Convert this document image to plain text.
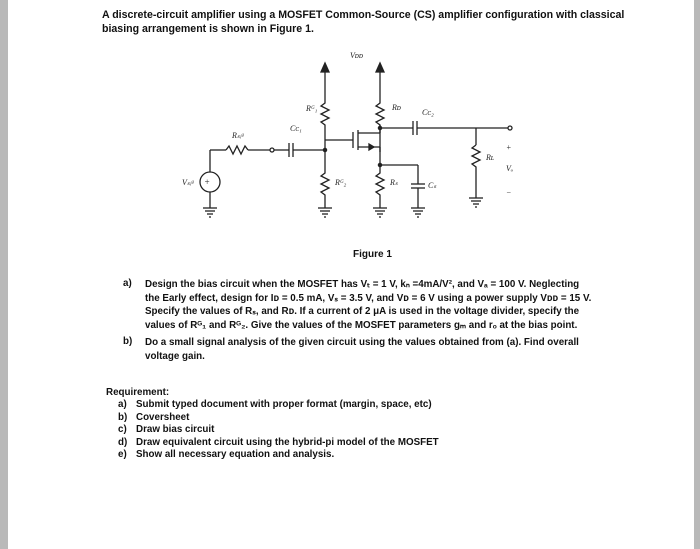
A discrete-circuit amplifier using a MOSFET Common-Source (CS) amplifier configuration with classical
biasing arrangement is shown in Figure 1.
Vᴅᴅ
Rᴳ₁	Rᴅ
Cᴄ₂
Rₛᵢᵍ
Cᴄ₁
Rʟ
Vₒ
Vₛᵢᵍ	Rᴳ₂	Rₛ	Cₛ
+
+
−
Figure 1
a) Design the bias circuit when the MOSFET has Vₜ = 1 V, kₙ =4mA/V², and Vₐ = 100 V. Neglecting
the Early effect, design for Iᴅ = 0.5 mA, Vₛ = 3.5 V, and Vᴅ = 6 V using a power supply Vᴅᴅ = 15 V.
Specify the values of Rₛ, and Rᴅ. If a current of 2 μA is used in the voltage divider, specify the
values of Rᴳ₁ and Rᴳ₂. Give the values of the MOSFET parameters gₘ and rₒ at the bias point.
b) Do a small signal analysis of the given circuit using the values obtained from (a). Find overall
voltage gain.
Requirement:
a) Submit typed document with proper format (margin, space, etc)
b) Coversheet
c) Draw bias circuit
d) Draw equivalent circuit using the hybrid-pi model of the MOSFET
e) Show all necessary equation and analysis.
